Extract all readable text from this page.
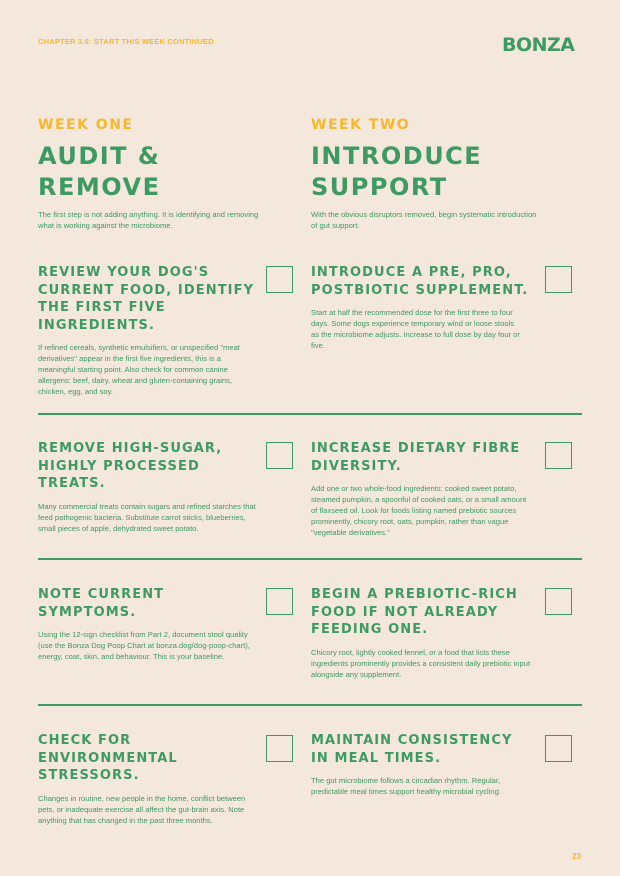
CHAPTER 3.6: START THIS WEEK CONTINUED	BONZA
WEEK ONE
AUDIT &
REMOVE
The first step is not adding anything. It is identifying and removing what is working against the microbiome.
WEEK TWO
INTRODUCE
SUPPORT
With the obvious disruptors removed, begin systematic introduction of gut support.
REVIEW YOUR DOG'S CURRENT FOOD, IDENTIFY THE FIRST FIVE INGREDIENTS.
If refined cereals, synthetic emulsifiers, or unspecified "meat derivatives" appear in the first five ingredients, this is a meaningful starting point. Also check for common canine allergens: beef, dairy, wheat and gluten-containing grains, chicken, egg, and soy.
INTRODUCE A PRE, PRO, POSTBIOTIC SUPPLEMENT.
Start at half the recommended dose for the first three to four days. Some dogs experience temporary wind or loose stools as the microbiome adjusts. Increase to full dose by day four or five.
REMOVE HIGH-SUGAR, HIGHLY PROCESSED TREATS.
Many commercial treats contain sugars and refined starches that feed pathogenic bacteria. Substitute carrot sticks, blueberries, small pieces of apple, dehydrated sweet potato.
INCREASE DIETARY FIBRE DIVERSITY.
Add one or two whole-food ingredients: cooked sweet potato, steamed pumpkin, a spoonful of cooked oats, or a small amount of flaxseed oil. Look for foods listing named prebiotic sources prominently, chicory root, oats, pumpkin, rather than vague "vegetable derivatives."
NOTE CURRENT SYMPTOMS.
Using the 12-sign checklist from Part 2, document stool quality (use the Bonza Dog Poop Chart at bonza.dog/dog-poop-chart), energy, coat, skin, and behaviour. This is your baseline.
BEGIN A PREBIOTIC-RICH FOOD IF NOT ALREADY FEEDING ONE.
Chicory root, lightly cooked fennel, or a food that lists these ingredients prominently provides a consistent daily prebiotic input alongside any supplement.
CHECK FOR ENVIRONMENTAL STRESSORS.
Changes in routine, new people in the home, conflict between pets, or inadequate exercise all affect the gut-brain axis. Note anything that has changed in the past three months.
MAINTAIN CONSISTENCY IN MEAL TIMES.
The gut microbiome follows a circadian rhythm. Regular, predictable meal times support healthy microbial cycling.
23
